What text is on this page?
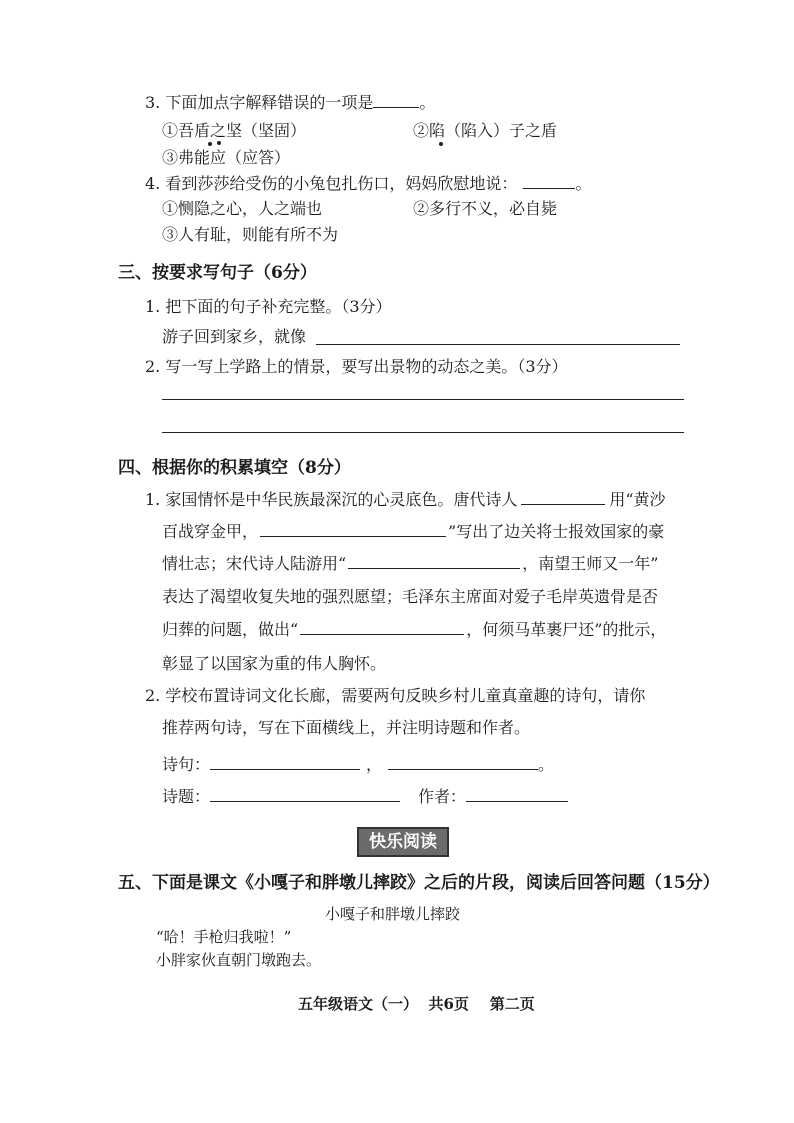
3. 下面加点字解释错误的一项是	。
①吾盾之坚（坚固）	②陷（陷入）子之盾
③弗能应（应答）
4. 看到莎莎给受伤的小兔包扎伤口，妈妈欣慰地说：	。
①恻隐之心，人之端也	②多行不义，必自毙
③人有耻，则能有所不为
三、按要求写句子（6分）
1. 把下面的句子补充完整。（3分）
游子回到家乡，就像
2. 写一写上学路上的情景，要写出景物的动态之美。（3分）
四、根据你的积累填空（8分）
1. 家国情怀是中华民族最深沉的心灵底色。唐代诗人	用“黄沙
百战穿金甲，	”写出了边关将士报效国家的豪
情壮志；宋代诗人陆游用“	，南望王师又一年”
表达了渴望收复失地的强烈愿望；毛泽东主席面对爱子毛岸英遗骨是否
归葬的问题，做出“	，何须马革裹尸还”的批示，
彰显了以国家为重的伟人胸怀。
2. 学校布置诗词文化长廊，需要两句反映乡村儿童真童趣的诗句，请你
推荐两句诗，写在下面横线上，并注明诗题和作者。
诗句：	，	。
诗题：	作者：
快乐阅读
五、下面是课文《小嘎子和胖墩儿摔跤》之后的片段，阅读后回答问题（15分）
小嘎子和胖墩儿摔跤
“哈！手枪归我啦！”
小胖家伙直朝门墩跑去。
五年级语文（一）  共6页    第二页
